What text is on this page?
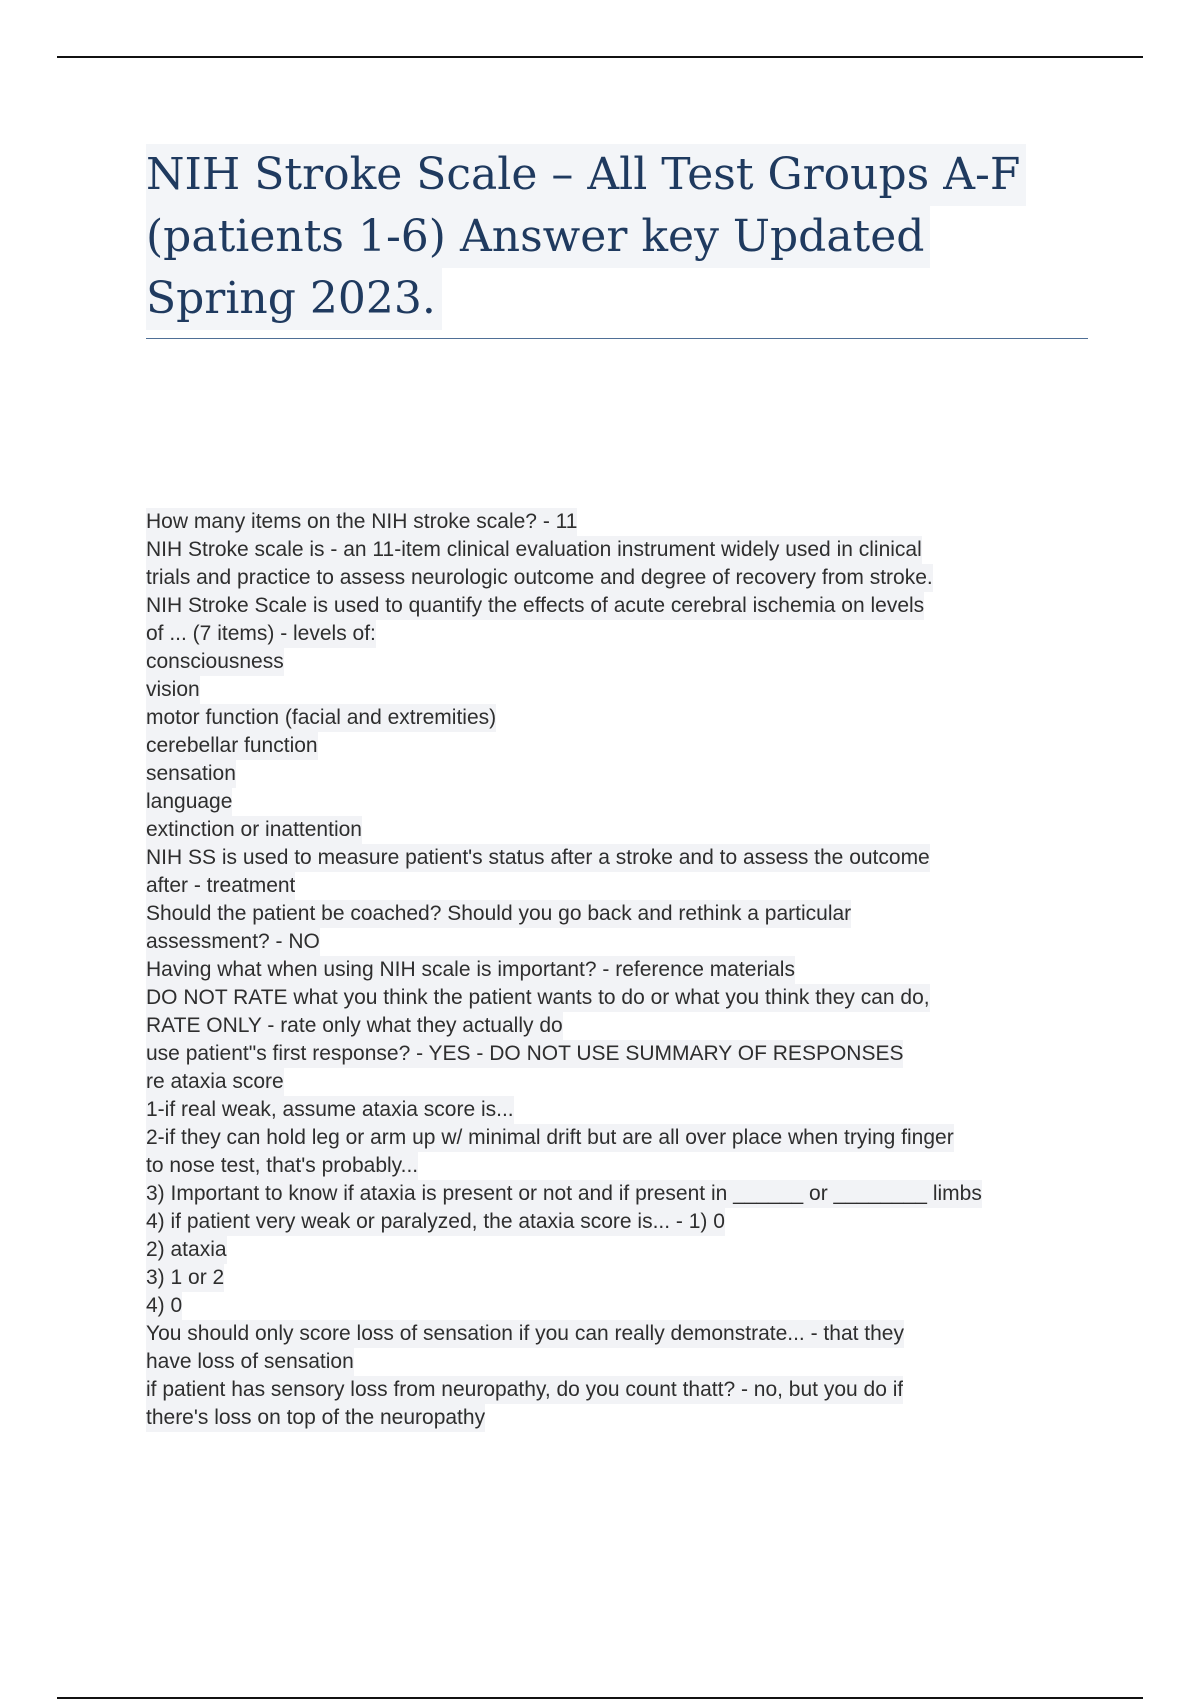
NIH Stroke Scale – All Test Groups A-F
(patients 1-6) Answer key Updated
Spring 2023.
How many items on the NIH stroke scale? - 11
NIH Stroke scale is - an 11-item clinical evaluation instrument widely used in clinical
trials and practice to assess neurologic outcome and degree of recovery from stroke.
NIH Stroke Scale is used to quantify the effects of acute cerebral ischemia on levels
of ... (7 items) - levels of:
consciousness
vision
motor function (facial and extremities)
cerebellar function
sensation
language
extinction or inattention
NIH SS is used to measure patient's status after a stroke and to assess the outcome
after - treatment
Should the patient be coached? Should you go back and rethink a particular
assessment? - NO
Having what when using NIH scale is important? - reference materials
DO NOT RATE what you think the patient wants to do or what you think they can do,
RATE ONLY - rate only what they actually do
use patient"s first response? - YES - DO NOT USE SUMMARY OF RESPONSES
re ataxia score
1-if real weak, assume ataxia score is...
2-if they can hold leg or arm up w/ minimal drift but are all over place when trying finger
to nose test, that's probably...
3) Important to know if ataxia is present or not and if present in ______ or ________ limbs
4) if patient very weak or paralyzed, the ataxia score is... - 1) 0
2) ataxia
3) 1 or 2
4) 0
You should only score loss of sensation if you can really demonstrate... - that they
have loss of sensation
if patient has sensory loss from neuropathy, do you count thatt? - no, but you do if
there's loss on top of the neuropathy
